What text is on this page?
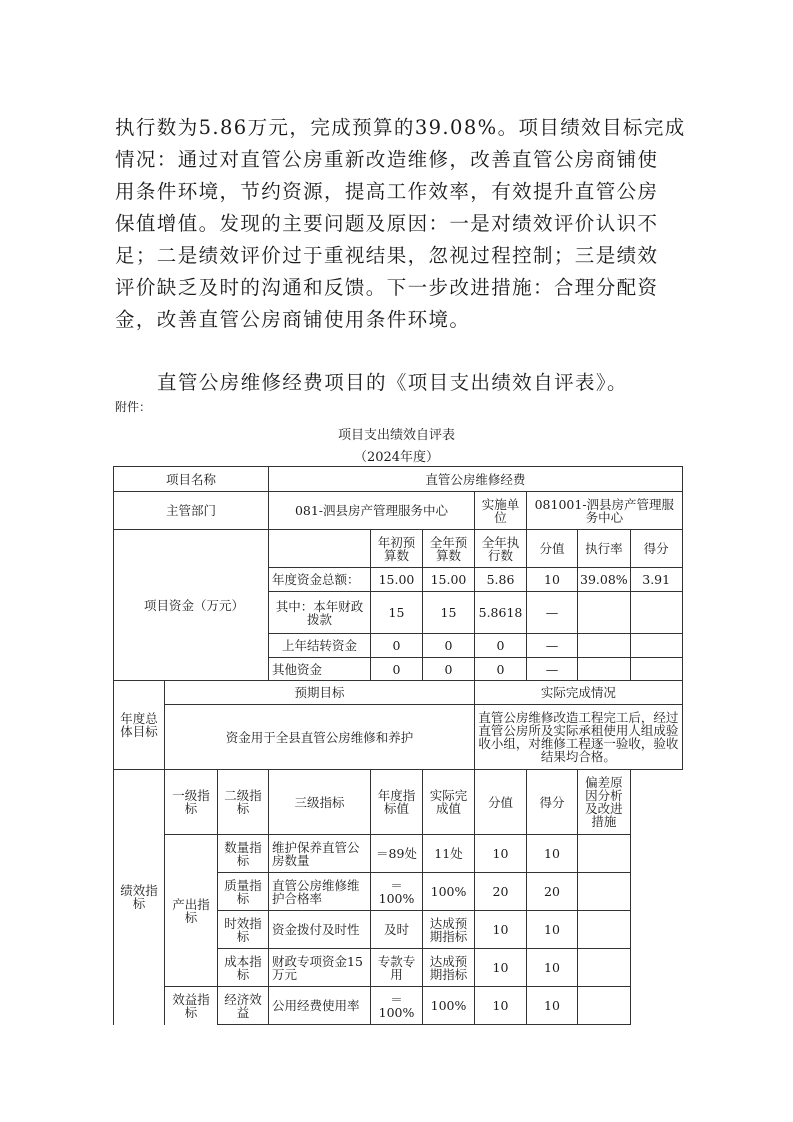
执行数为5.86万元，完成预算的39.08%。项目绩效目标完成
情况：通过对直管公房重新改造维修，改善直管公房商铺使
用条件环境，节约资源，提高工作效率，有效提升直管公房
保值增值。发现的主要问题及原因：一是对绩效评价认识不
足；二是绩效评价过于重视结果，忽视过程控制；三是绩效
评价缺乏及时的沟通和反馈。下一步改进措施：合理分配资
金，改善直管公房商铺使用条件环境。
直管公房维修经费项目的《项目支出绩效自评表》。
附件：
项目支出绩效自评表
（2024年度）
项目名称			直管公房维修经费						
主管部门			081-泗县房产管理服务中心			实施单位	081001-泗县房产管理服务中心		
项目资金（万元）				年初预算数	全年预算数	全年执行数	分值	执行率	得分
			年度资金总额：	15.00	15.00	5.86	10	39.08%	3.91
			其中：本年财政拨款	15	15	5.8618	—		
			上年结转资金	0	0	0	—		
			其他资金	0	0	0	—		
年度总体目标	预期目标					实际完成情况			
	资金用于全县直管公房维修和养护					直管公房维修改造工程完工后，经过直管公房所及实际承租使用人组成验收小组，对维修工程逐一验收，验收结果均合格。			
绩效指标	一级指标	二级指标	三级指标	年度指标值	实际完成值	分值	得分	偏差原因分析及改进措施	
	产出指标	数量指标	维护保养直管公房数量	＝89处	11处	10	10		
		质量指标	直管公房维修维护合格率	＝100%	100%	20	20		
		时效指标	资金拨付及时性	及时	达成预期指标	10	10		
		成本指标	财政专项资金15万元	专款专用	达成预期指标	10	10		
	效益指标	经济效益	公用经费使用率	＝100%	100%	10	10		
